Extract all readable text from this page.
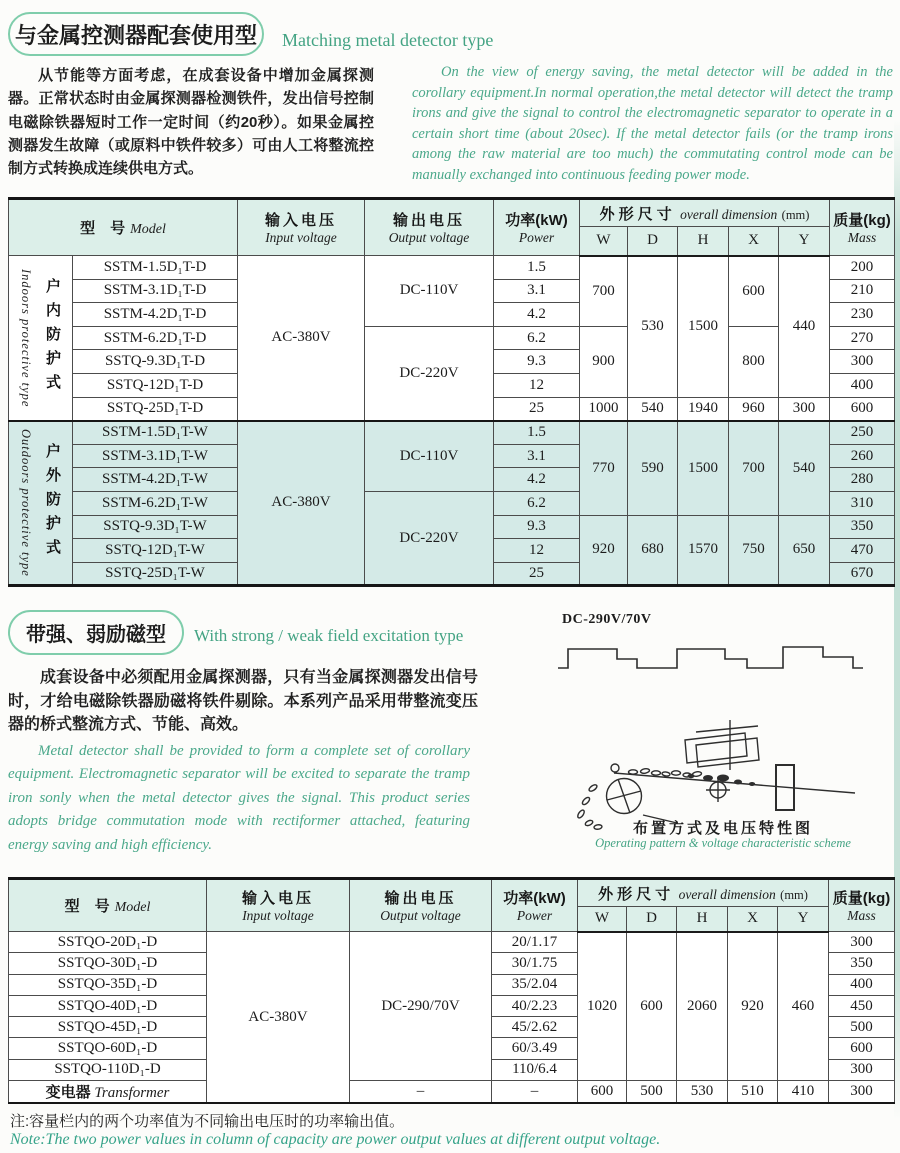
与金属控测器配套使用型 Matching metal detector type

从节能等方面考虑，在成套设备中增加金属探测器。正常状态时由金属探测器检测铁件，发出信号控制电磁除铁器短时工作一定时间（约20秒）。如果金属控测器发生故障（或原料中铁件较多）可由人工将整流控制方式转换成连续供电方式。

On the view of energy saving, the metal detector will be added in the corollary equipment.In normal operation,the metal detector will detect the tramp irons and give the signal to control the electromagnetic separator to operate in a certain short time (about 20sec). If the metal detector fails (or the tramp irons among the raw material are too much) the commutating control mode can be manually exchanged into continuous feeding power mode.

型　号 Model	
输入电压
Input voltage

输出电压
Output voltage

功率(kW)
Power
	外形尺寸 overall dimension (mm)	质量(kg)
Mass

					W	D	H	X	Y	

Indoors protective type 户内防护式	SSTM-1.5D₁T-D	AC-380V	DC-110V	1.5	700	530	1500	600	440	200
	SSTM-3.1D₁T-D			3.1						210
	SSTM-4.2D₁T-D			4.2						230
	SSTM-6.2D₁T-D		DC-220V	6.2	900			800		270
	SSTQ-9.3D₁T-D			9.3						300
	SSTQ-12D₁T-D			12						400
	SSTQ-25D₁T-D			25	1000	540	1940	960	300	600

Outdoors protective type 户外防护式	SSTM-1.5D₁T-W	AC-380V	DC-110V	1.5	770	590	1500	700	540	250
	SSTM-3.1D₁T-W			3.1						260
	SSTM-4.2D₁T-W			4.2						280
	SSTM-6.2D₁T-W		DC-220V	6.2						310
	SSTQ-9.3D₁T-W			9.3	920	680	1570	750	650	350
	SSTQ-12D₁T-W			12						470
	SSTQ-25D₁T-W			25						670
带强、弱励磁型 With strong / weak field excitation type

成套设备中必须配用金属探测器，只有当金属探测器发出信号时，才给电磁除铁器励磁将铁件剔除。本系列产品采用带整流变压器的桥式整流方式、节能、高效。

Metal detector shall be provided to form a complete set of corollary equipment. Electromagnetic separator will be excited to separate the tramp iron sonly when the metal detector gives the signal. This product series adopts bridge commutation mode with rectiformer attached, featuring energy saving and high efficiency.

DC-290V/70V
布置方式及电压特性图
Operating pattern & voltage characteristic scheme
型　号 Model	
输入电压
Input voltage

输出电压
Output voltage

功率(kW)
Power
	外形尺寸 overall dimension (mm)	质量(kg)
Mass

				W	D	H	X	Y	
SSTQO-20D₁-D	AC-380V	DC-290/70V	20/1.17	1020	600	2060	920	460	300
SSTQO-30D₁-D			30/1.75						350
SSTQO-35D₁-D			35/2.04						400
SSTQO-40D₁-D			40/2.23						450
SSTQO-45D₁-D			45/2.62						500
SSTQO-60D₁-D			60/3.49						600
SSTQO-110D₁-D			110/6.4						300
变电器 Transformer		–	–	600	500	530	510	410	300
注:容量栏内的两个功率值为不同输出电压时的功率输出值。
Note:The two power values in column of capacity are power output values at different output voltage.
